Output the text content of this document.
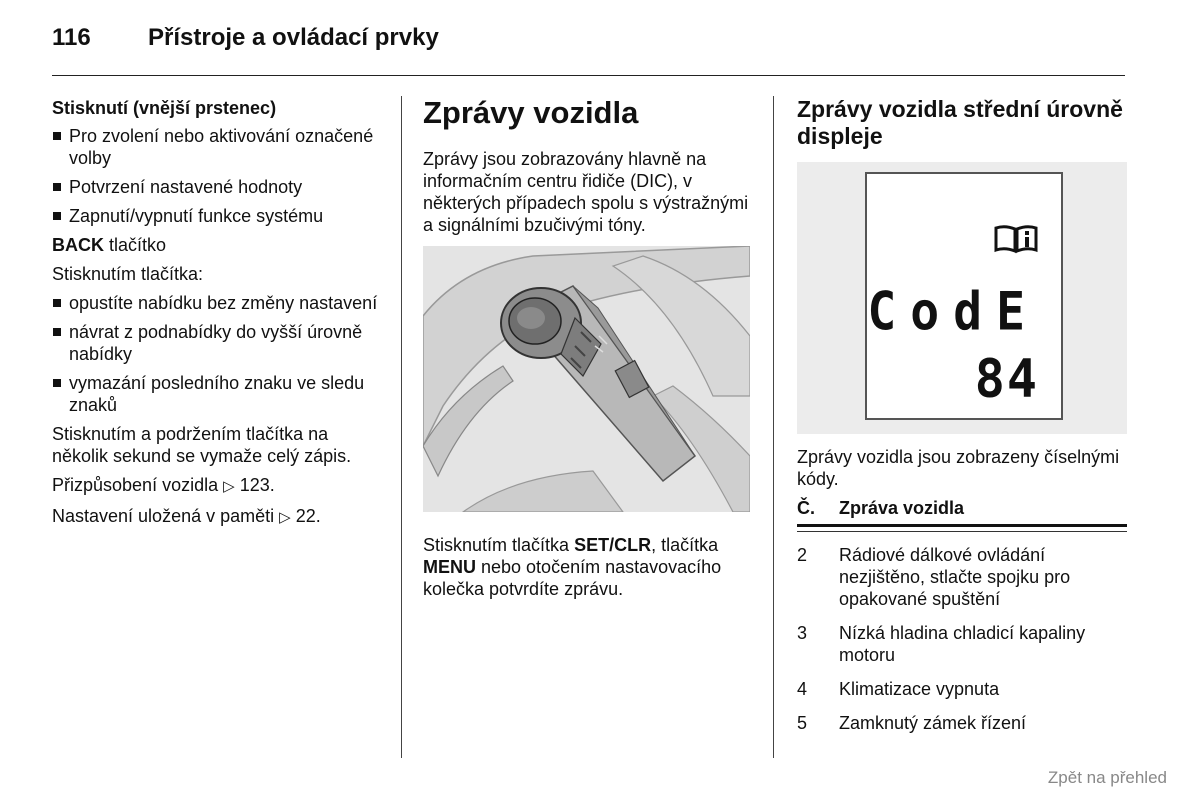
116	Přístroje a ovládací prvky
Stisknutí (vnější prstenec)
Pro zvolení nebo aktivování označené volby
Potvrzení nastavené hodnoty
Zapnutí/vypnutí funkce systému

BACK tlačítko

Stisknutím tlačítka:

opustíte nabídku bez změny nastavení
návrat z podnabídky do vyšší úrovně nabídky
vymazání posledního znaku ve sledu znaků

Stisknutím a podržením tlačítka na několik sekund se vymaže celý zápis.

Přizpůsobení vozidla ▷ 123.

Nastavení uložená v paměti ▷ 22.

Zprávy vozidla

Zprávy jsou zobrazovány hlavně na informačním centru řidiče (DIC), v některých případech spolu s výstražnými a signálními bzučivými tóny.

Stisknutím tlačítka SET/CLR, tlačítka MENU nebo otočením nastavovacího kolečka potvrdíte zprávu.

Zprávy vozidla střední úrovně displeje
CodE
84

Zprávy vozidla jsou zobrazeny číselnými kódy.

Č.	Zpráva vozidla
2	Rádiové dálkové ovládání nezjištěno, stlačte spojku pro opakované spuštění
3	Nízká hladina chladicí kapaliny motoru
4	Klimatizace vypnuta
5	Zamknutý zámek řízení
Zpět na přehled
